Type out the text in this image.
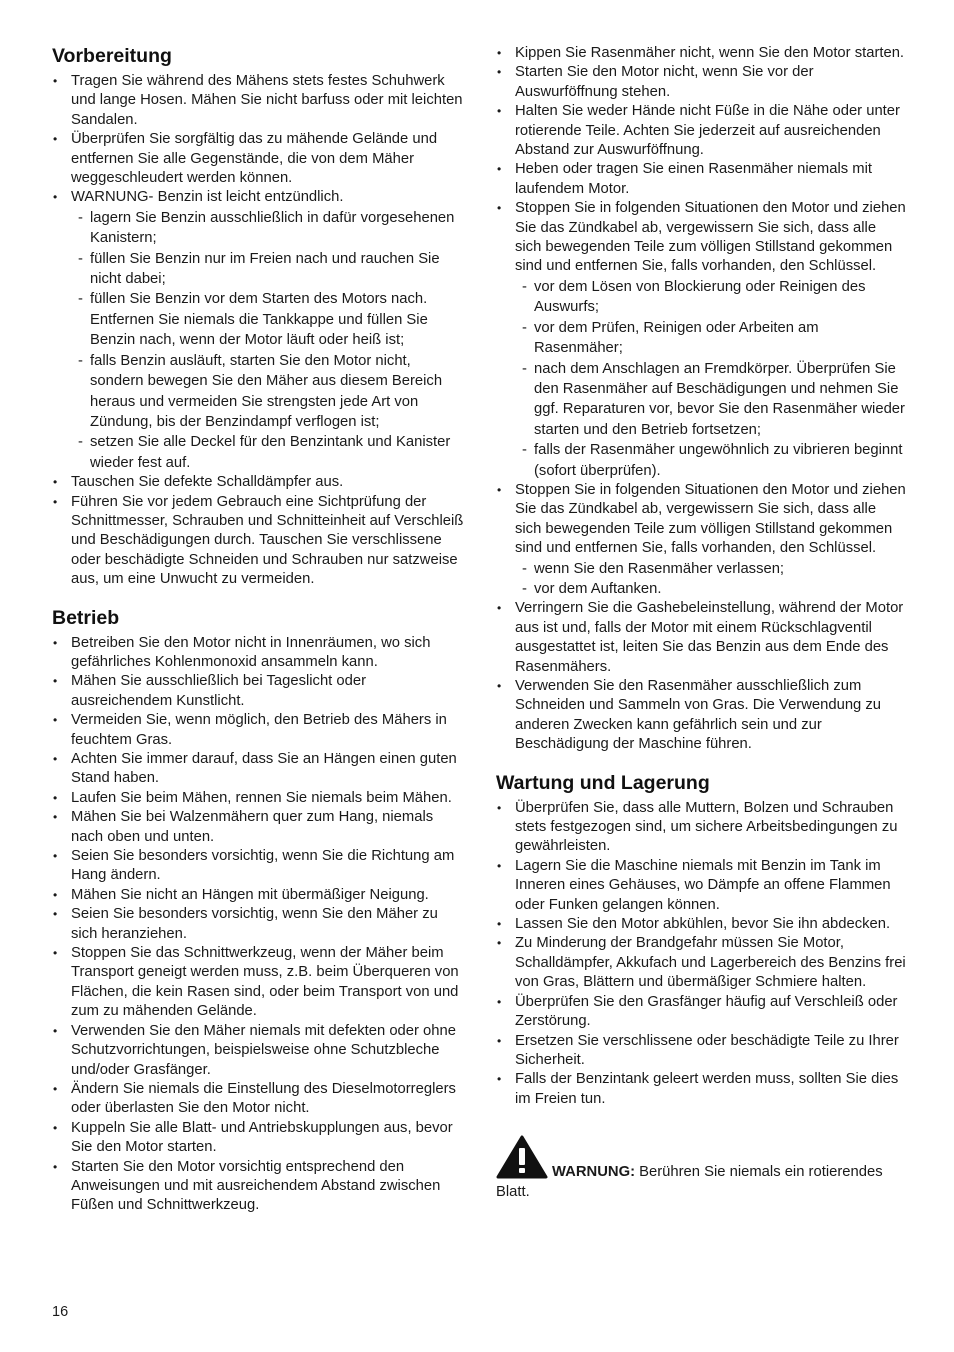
Vorbereitung
• Tragen Sie während des Mähens stets festes Schuhwerk und lange Hosen. Mähen Sie nicht barfuss oder mit leichten Sandalen.
• Überprüfen Sie sorgfältig das zu mähende Gelände und entfernen Sie alle Gegenstände, die von dem Mäher weggeschleudert werden können.
• WARNUNG- Benzin ist leicht entzündlich.
- lagern Sie Benzin ausschließlich in dafür vorgesehenen Kanistern;
- füllen Sie Benzin nur im Freien nach und rauchen Sie nicht dabei;
- füllen Sie Benzin vor dem Starten des Motors nach. Entfernen Sie niemals die Tankkappe und füllen Sie Benzin nach, wenn der Motor läuft oder heiß ist;
- falls Benzin ausläuft, starten Sie den Motor nicht, sondern bewegen Sie den Mäher aus diesem Bereich heraus und vermeiden Sie strengsten jede Art von Zündung, bis der Benzindampf verflogen ist;
- setzen Sie alle Deckel für den Benzintank und Kanister wieder fest auf.
• Tauschen Sie defekte Schalldämpfer aus.
• Führen Sie vor jedem Gebrauch eine Sichtprüfung der Schnittmesser, Schrauben und Schnitteinheit auf Verschleiß und Beschädigungen durch. Tauschen Sie verschlissene oder beschädigte Schneiden und Schrauben nur satzweise aus, um eine Unwucht zu vermeiden.
Betrieb
• Betreiben Sie den Motor nicht in Innenräumen, wo sich gefährliches Kohlenmonoxid ansammeln kann.
• Mähen Sie ausschließlich bei Tageslicht oder ausreichendem Kunstlicht.
• Vermeiden Sie, wenn möglich, den Betrieb des Mähers in feuchtem Gras.
• Achten Sie immer darauf, dass Sie an Hängen einen guten Stand haben.
• Laufen Sie beim Mähen, rennen Sie niemals beim Mähen.
• Mähen Sie bei Walzenmähern quer zum Hang, niemals nach oben und unten.
• Seien Sie besonders vorsichtig, wenn Sie die Richtung am Hang ändern.
• Mähen Sie nicht an Hängen mit übermäßiger Neigung.
• Seien Sie besonders vorsichtig, wenn Sie den Mäher zu sich heranziehen.
• Stoppen Sie das Schnittwerkzeug, wenn der Mäher beim Transport geneigt werden muss, z.B. beim Überqueren von Flächen, die kein Rasen sind, oder beim Transport von und zum zu mähenden Gelände.
• Verwenden Sie den Mäher niemals mit defekten oder ohne Schutzvorrichtungen, beispielsweise ohne Schutzbleche und/oder Grasfänger.
• Ändern Sie niemals die Einstellung des Dieselmotorreglers oder überlasten Sie den Motor nicht.
• Kuppeln Sie alle Blatt- und Antriebskupplungen aus, bevor Sie den Motor starten.
• Starten Sie den Motor vorsichtig entsprechend den Anweisungen und mit ausreichendem Abstand zwischen Füßen und Schnittwerkzeug.
• Kippen Sie Rasenmäher nicht, wenn Sie den Motor starten.
• Starten Sie den Motor nicht, wenn Sie vor der Auswurföffnung stehen.
• Halten Sie weder Hände nicht Füße in die Nähe oder unter rotierende Teile. Achten Sie jederzeit auf ausreichenden Abstand zur Auswurföffnung.
• Heben oder tragen Sie einen Rasenmäher niemals mit laufendem Motor.
• Stoppen Sie in folgenden Situationen den Motor und ziehen Sie das Zündkabel ab, vergewissern Sie sich, dass alle sich bewegenden Teile zum völligen Stillstand gekommen sind und entfernen Sie, falls vorhanden, den Schlüssel.
- vor dem Lösen von Blockierung oder Reinigen des Auswurfs;
- vor dem Prüfen, Reinigen oder Arbeiten am Rasenmäher;
- nach dem Anschlagen an Fremdkörper. Überprüfen Sie den Rasenmäher auf Beschädigungen und nehmen Sie ggf. Reparaturen vor, bevor Sie den Rasenmäher wieder starten und den Betrieb fortsetzen;
- falls der Rasenmäher ungewöhnlich zu vibrieren beginnt (sofort überprüfen).
• Stoppen Sie in folgenden Situationen den Motor und ziehen Sie das Zündkabel ab, vergewissern Sie sich, dass alle sich bewegenden Teile zum völligen Stillstand gekommen sind und entfernen Sie, falls vorhanden, den Schlüssel.
- wenn Sie den Rasenmäher verlassen;
- vor dem Auftanken.
• Verringern Sie die Gashebeleinstellung, während der Motor aus ist und, falls der Motor mit einem Rückschlagventil ausgestattet ist, leiten Sie das Benzin aus dem Ende des Rasenmähers.
• Verwenden Sie den Rasenmäher ausschließlich zum Schneiden und Sammeln von Gras. Die Verwendung zu anderen Zwecken kann gefährlich sein und zur Beschädigung der Maschine führen.
Wartung und Lagerung
• Überprüfen Sie, dass alle Muttern, Bolzen und Schrauben stets festgezogen sind, um sichere Arbeitsbedingungen zu gewährleisten.
• Lagern Sie die Maschine niemals mit Benzin im Tank im Inneren eines Gehäuses, wo Dämpfe an offene Flammen oder Funken gelangen können.
• Lassen Sie den Motor abkühlen, bevor Sie ihn abdecken.
• Zu Minderung der Brandgefahr müssen Sie Motor, Schalldämpfer, Akkufach und Lagerbereich des Benzins frei von Gras, Blättern und übermäßiger Schmiere halten.
• Überprüfen Sie den Grasfänger häufig auf Verschleiß oder Zerstörung.
• Ersetzen Sie verschlissene oder beschädigte Teile zu Ihrer Sicherheit.
• Falls der Benzintank geleert werden muss, sollten Sie dies im Freien tun.
WARNUNG: Berühren Sie niemals ein rotierendes Blatt.
16
